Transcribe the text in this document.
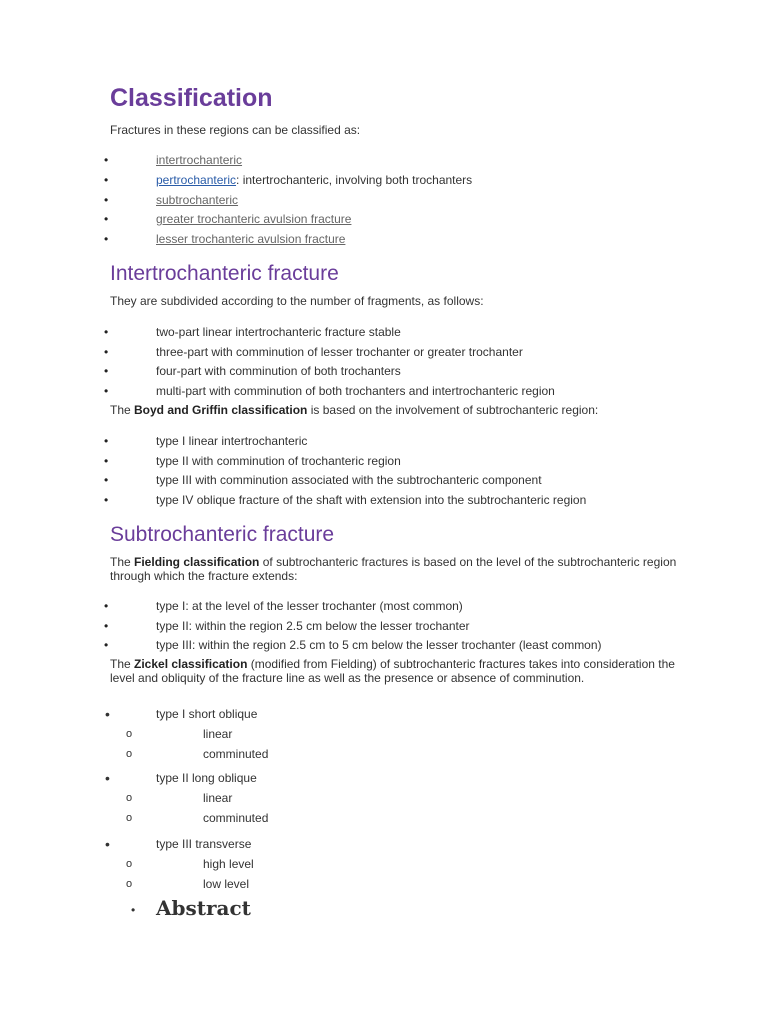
Classification

Fractures in these regions can be classified as:

•	intertrochanteric
•	pertrochanteric: intertrochanteric, involving both trochanters
•	subtrochanteric
•	greater trochanteric avulsion fracture
•	lesser trochanteric avulsion fracture
Intertrochanteric fracture

They are subdivided according to the number of fragments, as follows:

•	two-part linear intertrochanteric fracture stable
•	three-part with comminution of lesser trochanter or greater trochanter
•	four-part with comminution of both trochanters
•	multi-part with comminution of both trochanters and intertrochanteric region

The Boyd and Griffin classification is based on the involvement of subtrochanteric region:

•	type I linear intertrochanteric
•	type II with comminution of trochanteric region
•	type III with comminution associated with the subtrochanteric component
•	type IV oblique fracture of the shaft with extension into the subtrochanteric region
Subtrochanteric fracture

The Fielding classification of subtrochanteric fractures is based on the level of the subtrochanteric region through which the fracture extends:

•	type I: at the level of the lesser trochanter (most common)
•	type II: within the region 2.5 cm below the lesser trochanter
•	type III: within the region 2.5 cm to 5 cm below the lesser trochanter (least common)

The Zickel classification (modified from Fielding) of subtrochanteric fractures takes into consideration the level and obliquity of the fracture line as well as the presence or absence of comminution.

•	type I short oblique
o	linear
o	comminuted
•	type II long oblique
o	linear
o	comminuted
•	type III transverse
o	high level
o	low level
• Abstract
